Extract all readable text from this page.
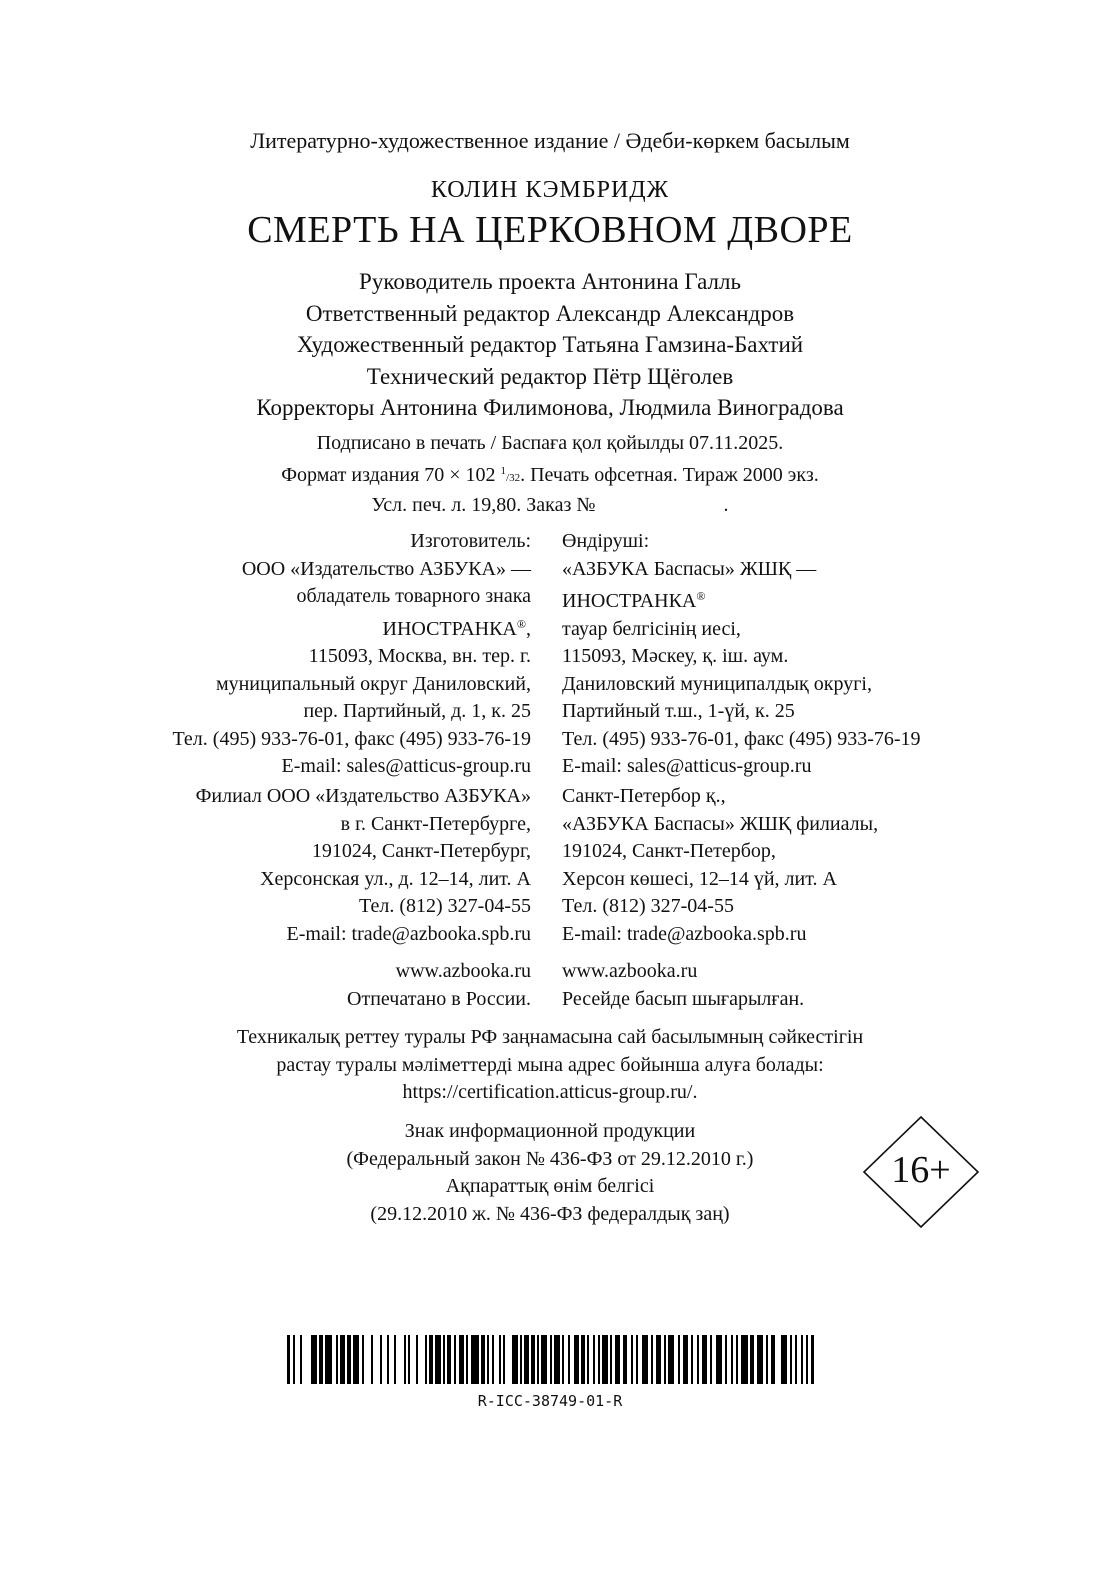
Литературно-художественное издание / Әдеби-көркем басылым
КОЛИН КЭМБРИДЖ
СМЕРТЬ НА ЦЕРКОВНОМ ДВОРЕ
Руководитель проекта Антонина Галль
Ответственный редактор Александр Александров
Художественный редактор Татьяна Гамзина-Бахтий
Технический редактор Пётр Щёголев
Корректоры Антонина Филимонова, Людмила Виноградова
Подписано в печать / Баспаға қол қойылды 07.11.2025.
Формат издания 70 × 102 $^1$/32. Печать офсетная. Тираж 2000 экз.
Усл. печ. л. 19,80. Заказ №	.
Изготовитель:
ООО «Издательство АЗБУКА» —
обладатель товарного знака
ИНОСТРАНКА®,
115093, Москва, вн. тер. г.
муниципальный округ Даниловский,
пер. Партийный, д. 1, к. 25
Тел. (495) 933-76-01, факс (495) 933-76-19
E-mail: sales@atticus-group.ru
Өндіруші:
«АЗБУКА Баспасы» ЖШҚ —
ИНОСТРАНКА®
тауар белгісінің иесі,
115093, Мәскеу, қ. іш. аум.
Даниловский муниципалдық округі,
Партийный т.ш., 1-үй, к. 25
Тел. (495) 933-76-01, факс (495) 933-76-19
E-mail: sales@atticus-group.ru
Филиал ООО «Издательство АЗБУКА»
в г. Санкт-Петербурге,
191024, Санкт-Петербург,
Херсонская ул., д. 12–14, лит. А
Тел. (812) 327-04-55
E-mail: trade@azbooka.spb.ru
Санкт-Петербор қ.,
«АЗБУКА Баспасы» ЖШҚ филиалы,
191024, Санкт-Петербор,
Херсон көшесі, 12–14 үй, лит. А
Тел. (812) 327-04-55
E-mail: trade@azbooka.spb.ru
www.azbooka.ru
Отпечатано в России.
www.azbooka.ru
Ресейде басып шығарылған.
Техникалық реттеу туралы РФ заңнамасына сай басылымның сәйкестігін
растау туралы мәліметтерді мына адрес бойынша алуға болады:
https://certification.atticus-group.ru/.
Знак информационной продукции
(Федеральный закон № 436-ФЗ от 29.12.2010 г.)
Ақпараттық өнім белгісі
(29.12.2010 ж. № 436-ФЗ федералдық заң)
16+
R-ICC-38749-01-R
